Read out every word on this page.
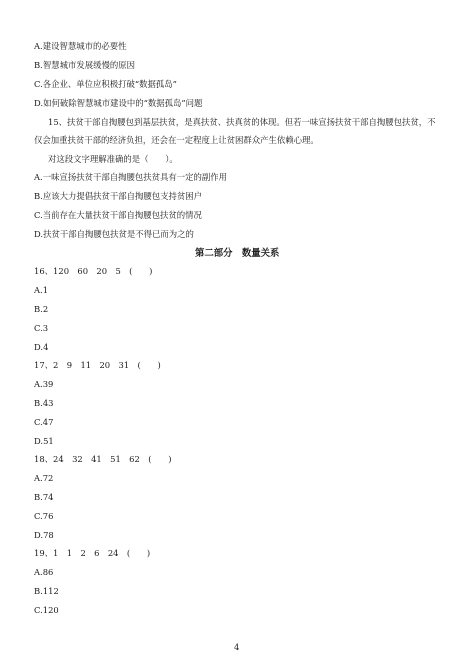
A.建设智慧城市的必要性
B.智慧城市发展缓慢的原因
C.各企业、单位应积极打破“数据孤岛”
D.如何破除智慧城市建设中的“数据孤岛”问题
15、扶贫干部自掏腰包到基层扶贫，是真扶贫、扶真贫的体现。但若一味宣扬扶贫干部自掏腰包扶贫，不
仅会加重扶贫干部的经济负担，还会在一定程度上让贫困群众产生依赖心理。
对这段文字理解准确的是（　　）。
A.一味宣扬扶贫干部自掏腰包扶贫具有一定的副作用
B.应该大力提倡扶贫干部自掏腰包支持贫困户
C.当前存在大量扶贫干部自掏腰包扶贫的情况
D.扶贫干部自掏腰包扶贫是不得已而为之的
第二部分　数量关系
16、120　60　20　5　(　　)
A.1
B.2
C.3
D.4
17、2　9　11　20　31　(　　)
A.39
B.43
C.47
D.51
18、24　32　41　51　62　(　　)
A.72
B.74
C.76
D.78
19、1　1　2　6　24　(　　)
A.86
B.112
C.120
4
